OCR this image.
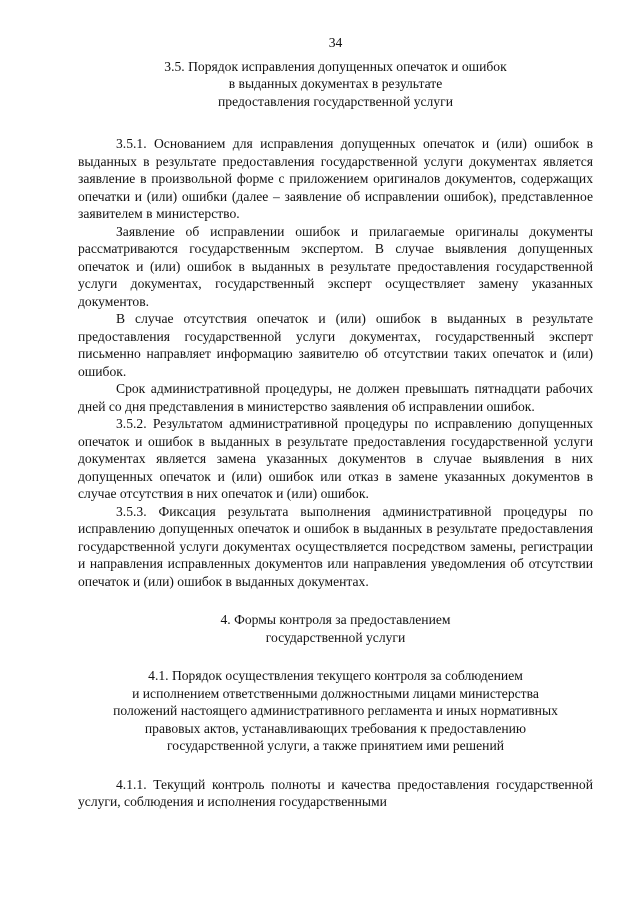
34
3.5. Порядок исправления допущенных опечаток и ошибок
в выданных документах в результате
предоставления государственной услуги

3.5.1. Основанием для исправления допущенных опечаток и (или) ошибок в выданных в результате предоставления государственной услуги документах является заявление в произвольной форме с приложением оригиналов документов, содержащих опечатки и (или) ошибки (далее – заявление об исправлении ошибок), представленное заявителем в министерство.

Заявление об исправлении ошибок и прилагаемые оригиналы документы рассматриваются государственным экспертом. В случае выявления допущенных опечаток и (или) ошибок в выданных в результате предоставления государственной услуги документах, государственный эксперт осуществляет замену указанных документов.

В случае отсутствия опечаток и (или) ошибок в выданных в результате предоставления государственной услуги документах, государственный эксперт письменно направляет информацию заявителю об отсутствии таких опечаток и (или) ошибок.

Срок административной процедуры, не должен превышать пятнадцати рабочих дней со дня представления в министерство заявления об исправлении ошибок.

3.5.2. Результатом административной процедуры по исправлению допущенных опечаток и ошибок в выданных в результате предоставления государственной услуги документах является замена указанных документов в случае выявления в них допущенных опечаток и (или) ошибок или отказ в замене указанных документов в случае отсутствия в них опечаток и (или) ошибок.

3.5.3. Фиксация результата выполнения административной процедуры по исправлению допущенных опечаток и ошибок в выданных в результате предоставления государственной услуги документах осуществляется посредством замены, регистрации и направления исправленных документов или направления уведомления об отсутствии опечаток и (или) ошибок в выданных документах.

4. Формы контроля за предоставлением
государственной услуги
4.1. Порядок осуществления текущего контроля за соблюдением
и исполнением ответственными должностными лицами министерства
положений настоящего административного регламента и иных нормативных
правовых актов, устанавливающих требования к предоставлению
государственной услуги, а также принятием ими решений

4.1.1. Текущий контроль полноты и качества предоставления государственной услуги, соблюдения и исполнения государственными
